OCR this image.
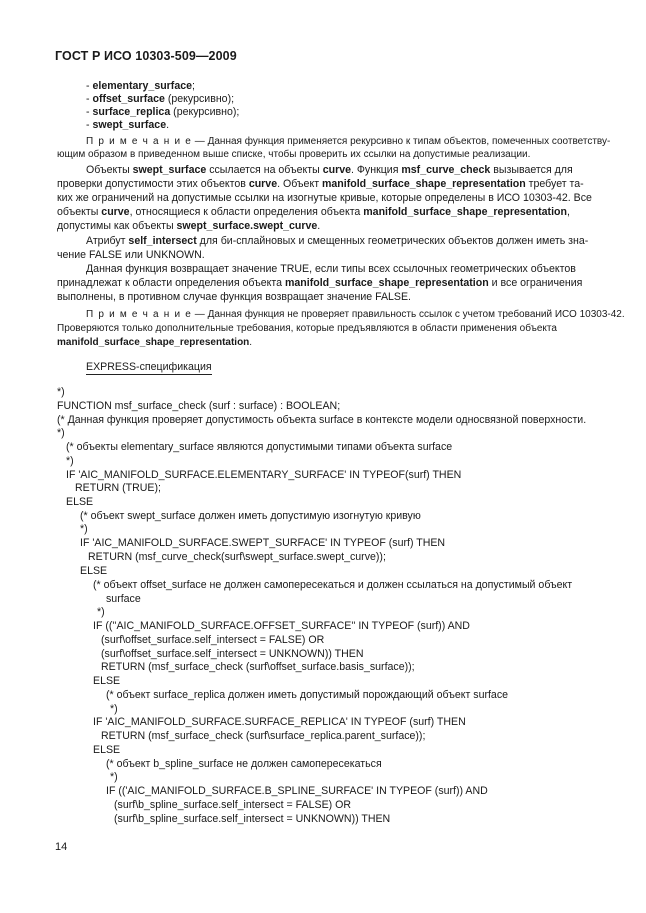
ГОСТ Р ИСО 10303-509—2009
- elementary_surface;
- offset_surface (рекурсивно);
- surface_replica (рекурсивно);
- swept_surface.
П р и м е ч а н и е — Данная функция применяется рекурсивно к типам объектов, помеченных соответству-
ющим образом в приведенном выше списке, чтобы проверить их ссылки на допустимые реализации.
Объекты swept_surface ссылается на объекты curve. Функция msf_curve_check вызывается для
проверки допустимости этих объектов curve. Объект manifold_surface_shape_representation требует та-
ких же ограничений на допустимые ссылки на изогнутые кривые, которые определены в ИСО 10303-42. Все
объекты curve, относящиеся к области определения объекта manifold_surface_shape_representation,
допустимы как объекты swept_surface.swept_curve.
Атрибут self_intersect для би-сплайновых и смещенных геометрических объектов должен иметь зна-
чение FALSE или UNKNOWN.
Данная функция возвращает значение TRUE, если типы всех ссылочных геометрических объектов
принадлежат к области определения объекта manifold_surface_shape_representation и все ограничения
выполнены, в противном случае функция возвращает значение FALSE.
П р и м е ч а н и е — Данная функция не проверяет правильность ссылок с учетом требований ИСО 10303-42.
Проверяются только дополнительные требования, которые предъявляются в области применения объекта
manifold_surface_shape_representation.
EXPRESS-спецификация
*)
FUNCTION msf_surface_check (surf : surface) : BOOLEAN;
(* Данная функция проверяет допустимость объекта surface в контексте модели односвязной поверхности.
*)
(* объекты elementary_surface являются допустимыми типами объекта surface
*)
IF 'AIC_MANIFOLD_SURFACE.ELEMENTARY_SURFACE' IN TYPEOF(surf) THEN
RETURN (TRUE);
ELSE
(* объект swept_surface должен иметь допустимую изогнутую кривую
*)
IF 'AIC_MANIFOLD_SURFACE.SWEPT_SURFACE' IN TYPEOF (surf) THEN
RETURN (msf_curve_check(surf\swept_surface.swept_curve));
ELSE
(* объект offset_surface не должен самопересекаться и должен ссылаться на допустимый объект
surface
*)
IF ((''AIC_MANIFOLD_SURFACE.OFFSET_SURFACE'' IN TYPEOF (surf)) AND
(surf\offset_surface.self_intersect = FALSE) OR
(surf\offset_surface.self_intersect = UNKNOWN)) THEN
RETURN (msf_surface_check (surf\offset_surface.basis_surface));
ELSE
(* объект surface_replica должен иметь допустимый порождающий объект surface
*)
IF 'AIC_MANIFOLD_SURFACE.SURFACE_REPLICA' IN TYPEOF (surf) THEN
RETURN (msf_surface_check (surf\surface_replica.parent_surface));
ELSE
(* объект b_spline_surface не должен самопересекаться
*)
IF (('AIC_MANIFOLD_SURFACE.B_SPLINE_SURFACE' IN TYPEOF (surf)) AND
(surf\b_spline_surface.self_intersect = FALSE) OR
(surf\b_spline_surface.self_intersect = UNKNOWN)) THEN
14
